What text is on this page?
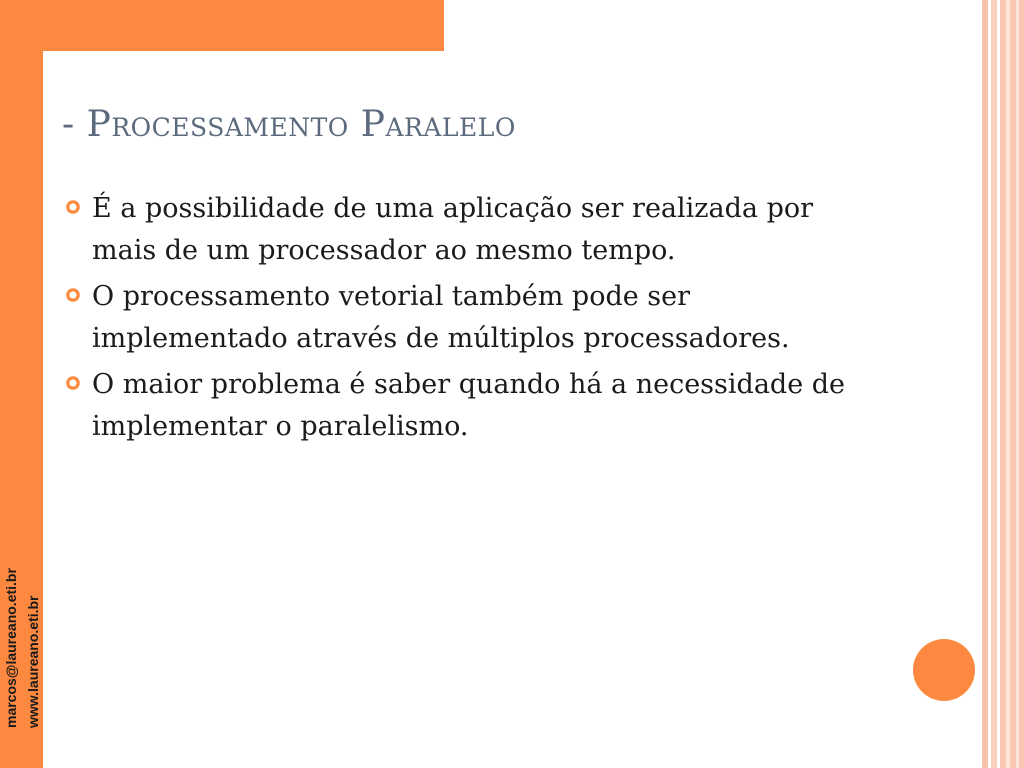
marcos@laureano.eti.br www.laureano.eti.br
- Processamento Paralelo
É a possibilidade de uma aplicação ser realizada por mais de um processador ao mesmo tempo.
O processamento vetorial também pode ser implementado através de múltiplos processadores.
O maior problema é saber quando há a necessidade de implementar o paralelismo.
